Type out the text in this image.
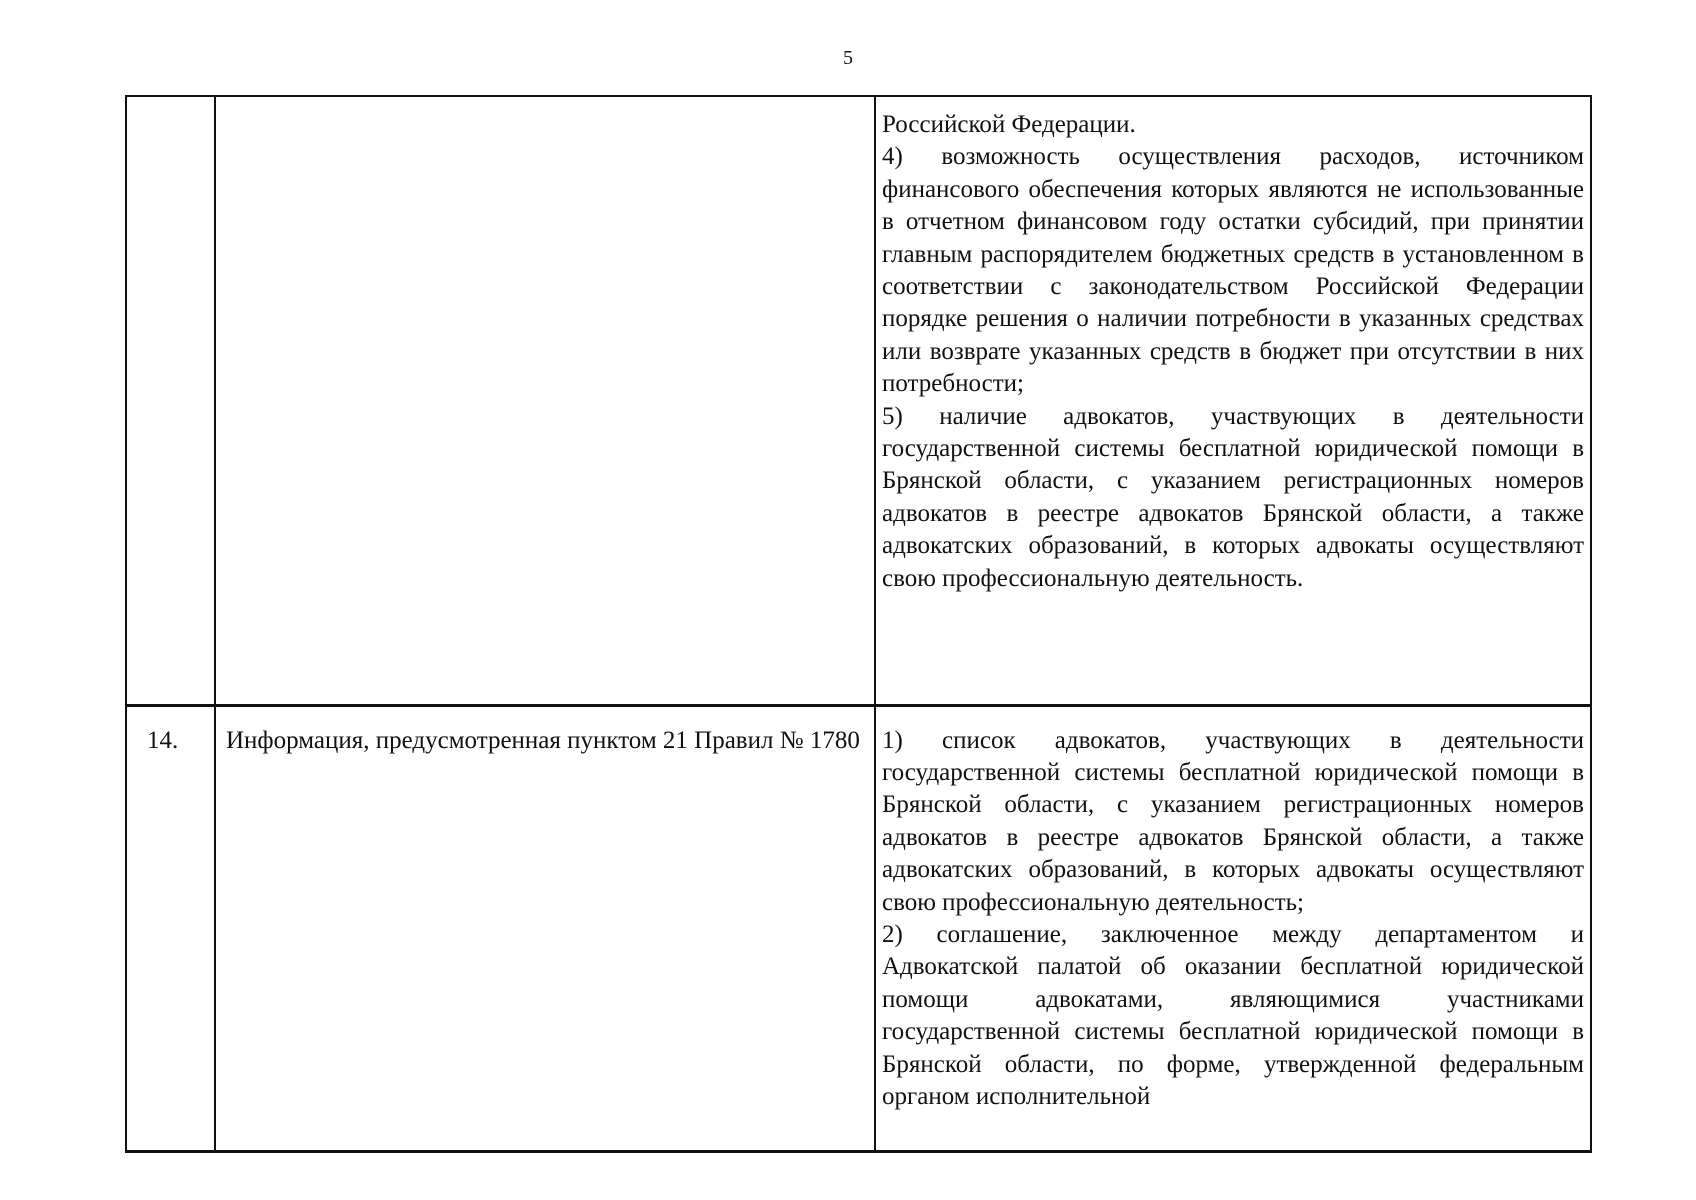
5

		Российской Федерации.
4) возможность осуществления расходов, источником финансового обеспечения которых являются не использованные в отчетном финансовом году остатки субсидий, при принятии главным распорядителем бюджетных средств в установленном в соответствии с законодательством Российской Федерации порядке решения о наличии потребности в указанных средствах или возврате указанных средств в бюджет при отсутствии в них потребности;
5) наличие адвокатов, участвующих в деятельности государственной системы бесплатной юридической помощи в Брянской области, с указанием регистрационных номеров адвокатов в реестре адвокатов Брянской области, а также адвокатских образований, в которых адвокаты осуществляют свою профессиональную деятельность.

14.	Информация, предусмотренная пунктом 21 Правил № 1780	1) список адвокатов, участвующих в деятельности государственной системы бесплатной юридической помощи в Брянской области, с указанием регистрационных номеров адвокатов в реестре адвокатов Брянской области, а также адвокатских образований, в которых адвокаты осуществляют свою профессиональную деятельность;
2) соглашение, заключенное между департаментом и Адвокатской палатой об оказании бесплатной юридической помощи адвокатами, являющимися участниками государственной системы бесплатной юридической помощи в Брянской области, по форме, утвержденной федеральным органом исполнительной
